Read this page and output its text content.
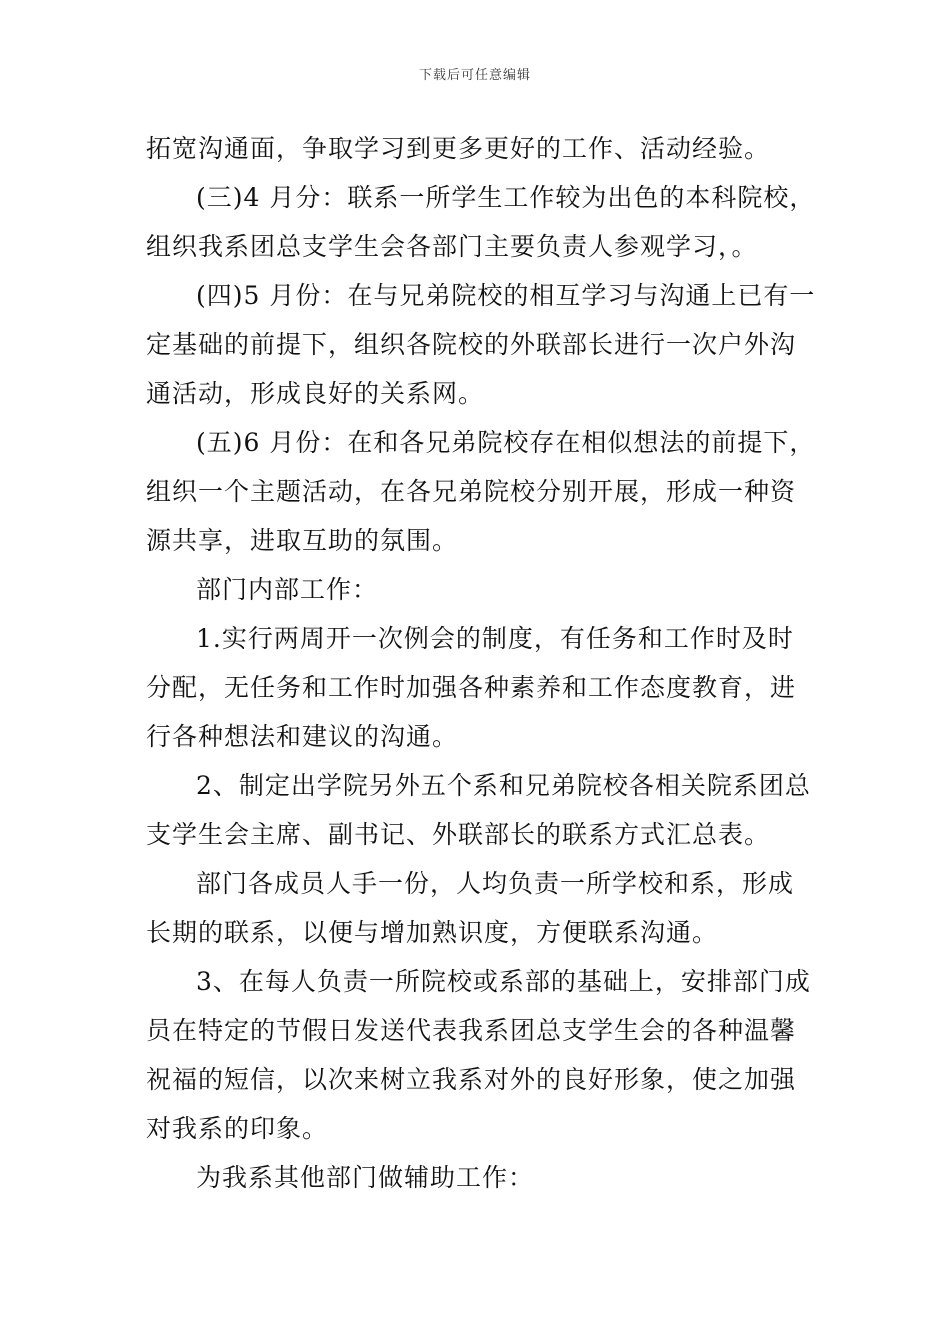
下载后可任意编辑
拓宽沟通面，争取学习到更多更好的工作、活动经验。
(三)4 月分：联系一所学生工作较为出色的本科院校，
组织我系团总支学生会各部门主要负责人参观学习，。
(四)5 月份：在与兄弟院校的相互学习与沟通上已有一
定基础的前提下，组织各院校的外联部长进行一次户外沟
通活动，形成良好的关系网。
(五)6 月份：在和各兄弟院校存在相似想法的前提下，
组织一个主题活动，在各兄弟院校分别开展，形成一种资
源共享，进取互助的氛围。
部门内部工作：
1.实行两周开一次例会的制度，有任务和工作时及时
分配，无任务和工作时加强各种素养和工作态度教育，进
行各种想法和建议的沟通。
2、制定出学院另外五个系和兄弟院校各相关院系团总
支学生会主席、副书记、外联部长的联系方式汇总表。
部门各成员人手一份，人均负责一所学校和系，形成
长期的联系，以便与增加熟识度，方便联系沟通。
3、在每人负责一所院校或系部的基础上，安排部门成
员在特定的节假日发送代表我系团总支学生会的各种温馨
祝福的短信，以次来树立我系对外的良好形象，使之加强
对我系的印象。
为我系其他部门做辅助工作：
